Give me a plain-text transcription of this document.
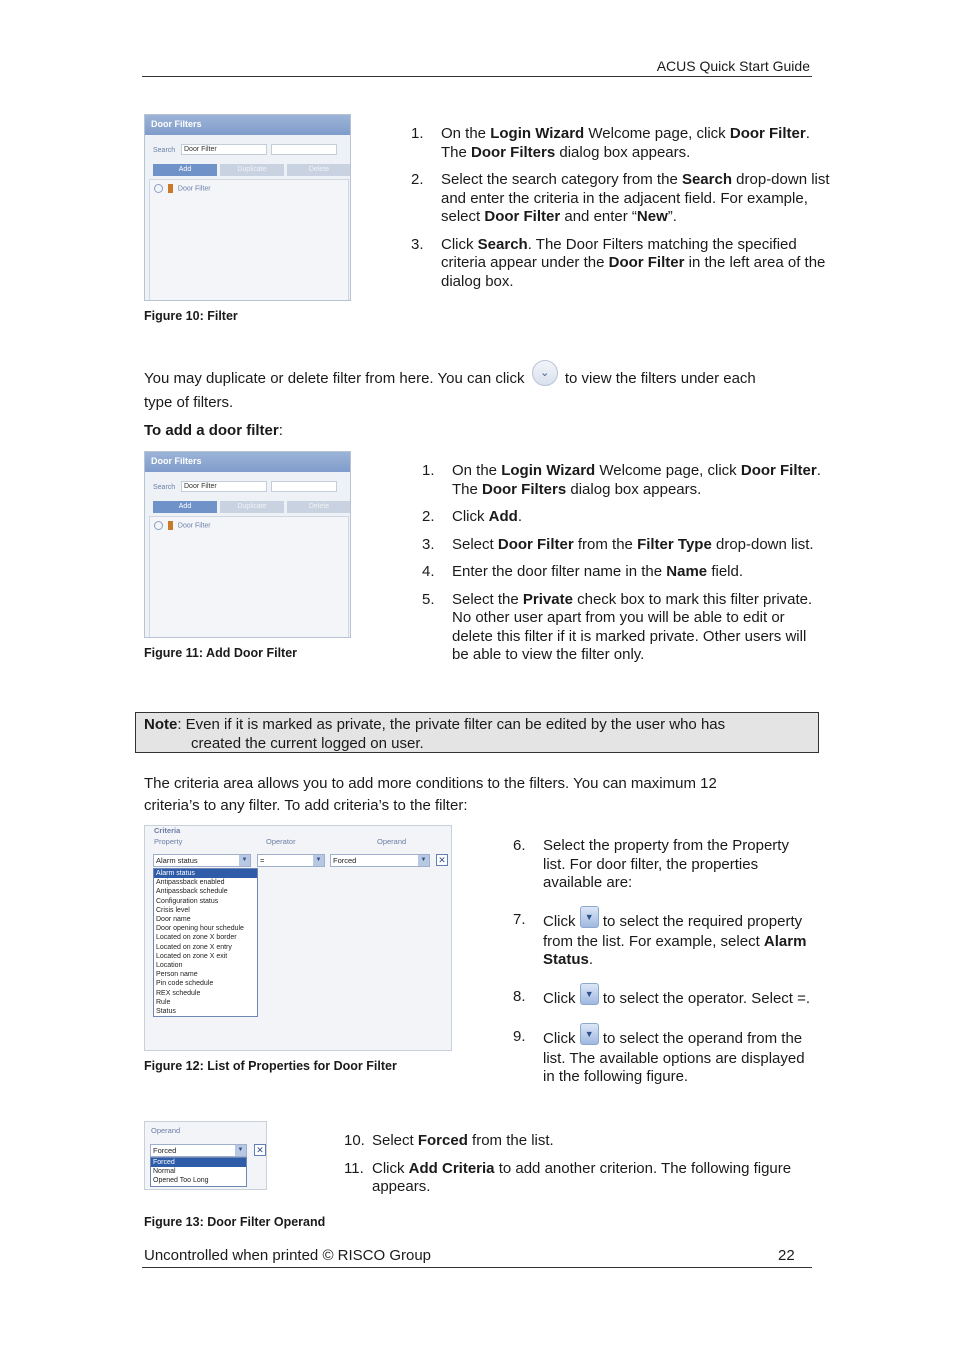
ACUS Quick Start Guide
Door Filters
Search	Door Filter
Add	Duplicate	Delete
Door Filter
Figure 10: Filter
1. On the Login Wizard Welcome page, click Door Filter. The Door Filters dialog box appears.
2. Select the search category from the Search drop-down list and enter the criteria in the adjacent field. For example, select Door Filter and enter “New”.
3. Click Search. The Door Filters matching the specified criteria appear under the Door Filter in the left area of the dialog box.
You may duplicate or delete filter from here. You can click ⌄ to view the filters under each
type of filters.
To add a door filter:
Door Filters
Search	Door Filter
Add	Duplicate	Delete
Door Filter
Figure 11: Add Door Filter
1. On the Login Wizard Welcome page, click Door Filter. The Door Filters dialog box appears.
2. Click Add.
3. Select Door Filter from the Filter Type drop-down list.
4. Enter the door filter name in the Name field.
5. Select the Private check box to mark this filter private. No other user apart from you will be able to edit or delete this filter if it is marked private. Other users will be able to view the filter only.
Note: Even if it is marked as private, the private filter can be edited by the user who has
created the current logged on user.
The criteria area allows you to add more conditions to the filters. You can maximum 12
criteria’s to any filter. To add criteria’s to the filter:
Criteria
Property	Operator	Operand
Alarm status	▼	=	▼	Forced	▼ ✕
Alarm status
Antipassback enabled
Antipassback schedule
Configuration status
Crisis level
Door name
Door opening hour schedule
Located on zone X border
Located on zone X entry
Located on zone X exit
Location
Person name
Pin code schedule
REX schedule
Rule
Status
Figure 12: List of Properties for Door Filter
6. Select the property from the Property list. For door filter, the properties available are:
7. Click ▼ to select the required property from the list. For example, select Alarm Status.
8. Click ▼ to select the operator. Select =.
9. Click ▼ to select the operand from the list. The available options are displayed in the following figure.
Operand
Forced	▼ ✕
Forced
Normal
Opened Too Long
Figure 13: Door Filter Operand
10. Select Forced from the list.
11. Click Add Criteria to add another criterion. The following figure appears.
Uncontrolled when printed © RISCO Group	22
